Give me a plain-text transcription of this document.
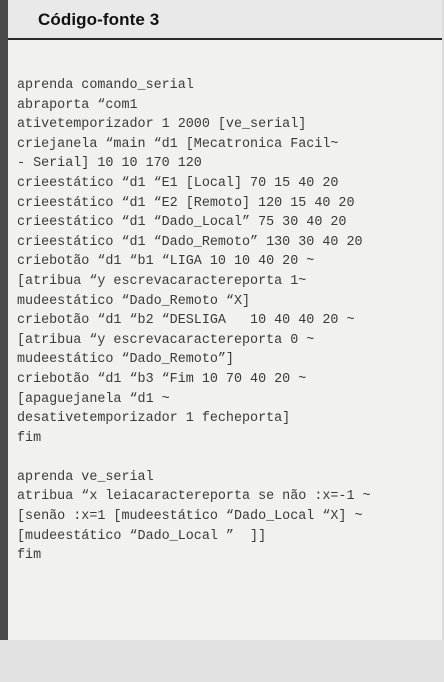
Código-fonte 3
aprenda comando_serial
abraporta “com1
ativetemporizador 1 2000 [ve_serial]
criejanela “main “d1 [Mecatronica Facil~
- Serial] 10 10 170 120
crieestático “d1 “E1 [Local] 70 15 40 20
crieestático “d1 “E2 [Remoto] 120 15 40 20
crieestático “d1 “Dado_Local” 75 30 40 20
crieestático “d1 “Dado_Remoto” 130 30 40 20
criebotão “d1 “b1 “LIGA 10 10 40 20 ~
[atribua “y escrevacaractereporta 1~
mudeestático “Dado_Remoto “X]
criebotão “d1 “b2 “DESLIGA   10 40 40 20 ~
[atribua “y escrevacaractereporta 0 ~
mudeestático “Dado_Remoto”]
criebotão “d1 “b3 “Fim 10 70 40 20 ~
[apaguejanela “d1 ~
desativetemporizador 1 fecheporta]
fim
aprenda ve_serial
atribua “x leiacaractereporta se não :x=-1 ~
[senão :x=1 [mudeestático “Dado_Local “X] ~
[mudeestático “Dado_Local ”  ]]
fim
